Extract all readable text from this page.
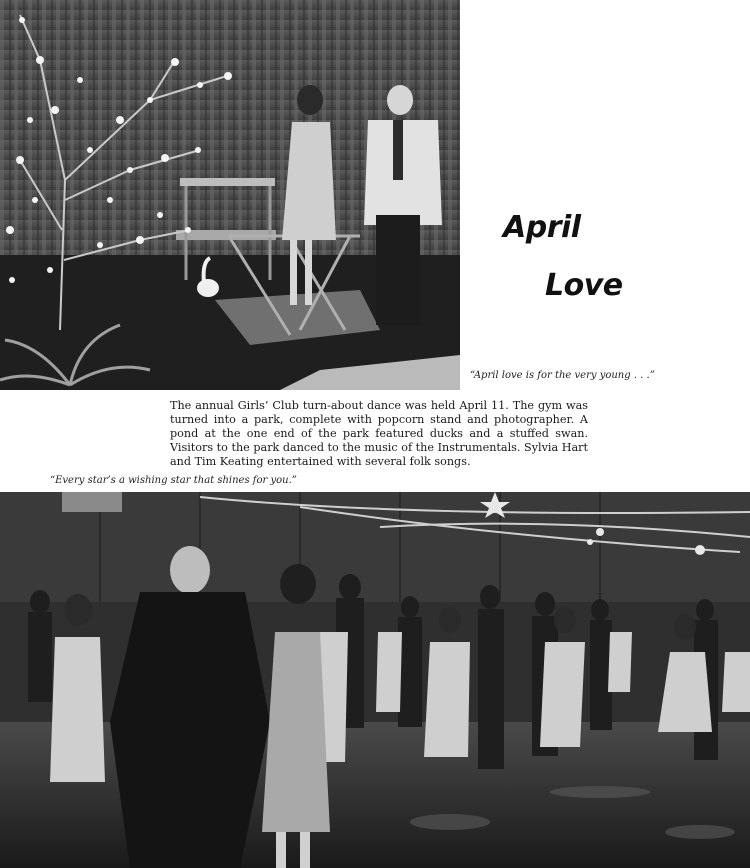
April
Love
“April love is for the very young . . .”

The annual Girls’ Club turn-about dance was held April 11. The gym was turned into a park, complete with popcorn stand and photographer. A pond at the one end of the park featured ducks and a stuffed swan. Visitors to the park danced to the music of the Instrumentals. Sylvia Hart and Tim Keating entertained with several folk songs.

“Every star’s a wishing star that shines for you.”
